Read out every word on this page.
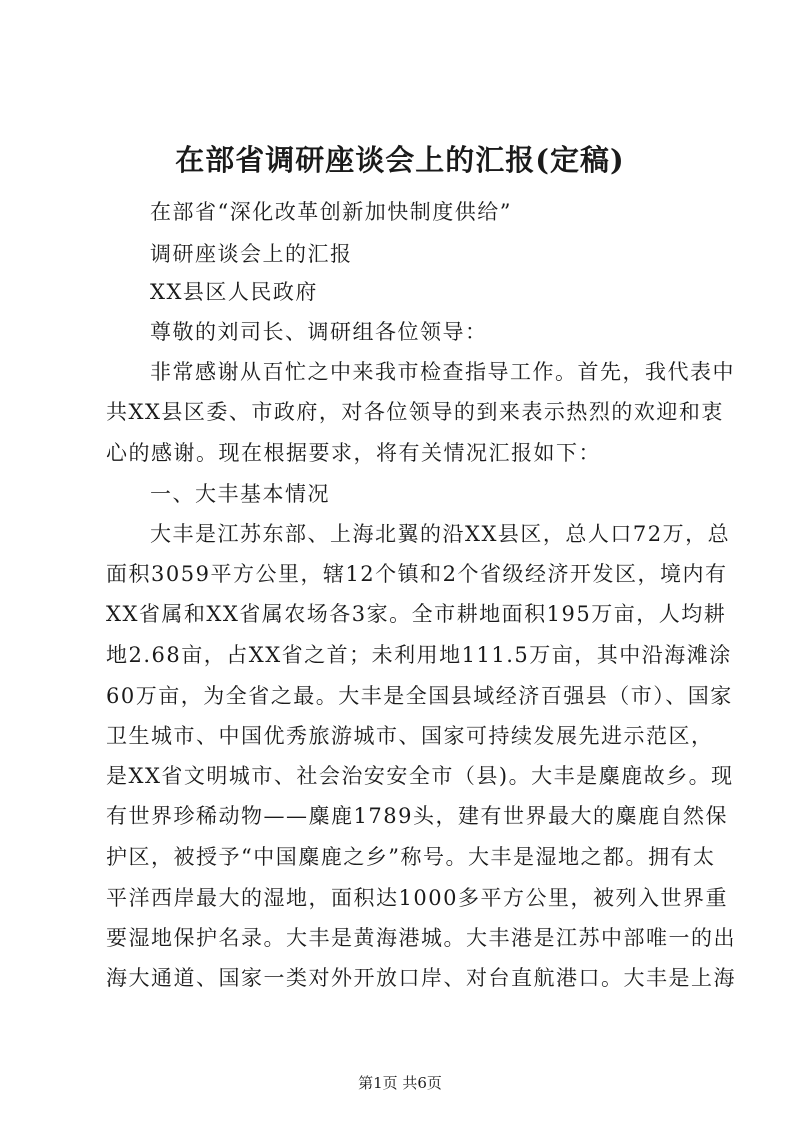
在部省调研座谈会上的汇报(定稿)
在部省“深化改革创新加快制度供给”
调研座谈会上的汇报
XX县区人民政府
尊敬的刘司长、调研组各位领导：
非常感谢从百忙之中来我市检查指导工作。首先，我代表中
共XX县区委、市政府，对各位领导的到来表示热烈的欢迎和衷
心的感谢。现在根据要求，将有关情况汇报如下：
一、大丰基本情况
大丰是江苏东部、上海北翼的沿XX县区，总人口72万，总
面积3059平方公里，辖12个镇和2个省级经济开发区，境内有
XX省属和XX省属农场各3家。全市耕地面积195万亩，人均耕
地2.68亩，占XX省之首；未利用地111.5万亩，其中沿海滩涂
60万亩，为全省之最。大丰是全国县域经济百强县（市）、国家
卫生城市、中国优秀旅游城市、国家可持续发展先进示范区，
是XX省文明城市、社会治安安全市（县)。大丰是麋鹿故乡。现
有世界珍稀动物——麋鹿1789头，建有世界最大的麋鹿自然保
护区，被授予“中国麋鹿之乡”称号。大丰是湿地之都。拥有太
平洋西岸最大的湿地，面积达1000多平方公里，被列入世界重
要湿地保护名录。大丰是黄海港城。大丰港是江苏中部唯一的出
海大通道、国家一类对外开放口岸、对台直航港口。大丰是上海
第1页 共6页
